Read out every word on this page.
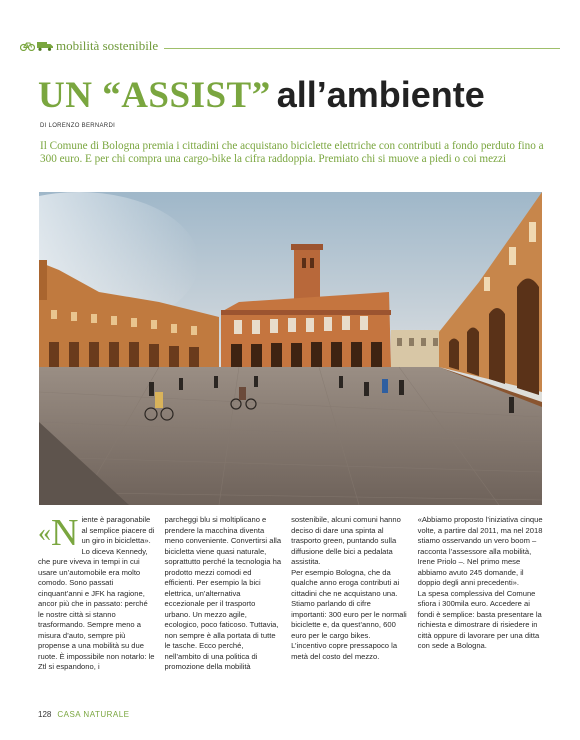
mobilità sostenibile
UN “ASSIST” all’ambiente
DI LORENZO BERNARDI

Il Comune di Bologna premia i cittadini che acquistano biciclette elettriche con contributi a fondo perduto fino a 300 euro. E per chi compra una cargo-bike la cifra raddoppia. Premiato chi si muove a piedi o coi mezzi

«N iente è paragonabile al semplice piacere di un giro in bicicletta». Lo diceva Kennedy, che pure viveva in tempi in cui usare un’automobile era molto comodo. Sono passati cinquant’anni e JFK ha ragione, ancor più che in passato: perché le nostre città si stanno trasformando. Sempre meno a misura d’auto, sempre più propense a una mobilità su due ruote. È impossibile non notarlo: le Ztl si espandono, i

parcheggi blu si moltiplicano e prendere la macchina diventa meno conveniente. Convertirsi alla bicicletta viene quasi naturale, soprattutto perché la tecnologia ha prodotto mezzi comodi ed efficienti. Per esempio la bici elettrica, un’alternativa eccezionale per il trasporto urbano. Un mezzo agile, ecologico, poco faticoso. Tuttavia, non sempre è alla portata di tutte le tasche. Ecco perché, nell’ambito di una politica di promozione della mobilità

sostenibile, alcuni comuni hanno deciso di dare una spinta al trasporto green, puntando sulla diffusione delle bici a pedalata assistita.

Per esempio Bologna, che da qualche anno eroga contributi ai cittadini che ne acquistano una. Stiamo parlando di cifre importanti: 300 euro per le normali biciclette e, da quest’anno, 600 euro per le cargo bikes. L’incentivo copre pressapoco la metà del costo del mezzo.

«Abbiamo proposto l’iniziativa cinque volte, a partire dal 2011, ma nel 2018 stiamo osservando un vero boom – racconta l’assessore alla mobilità, Irene Priolo –. Nel primo mese abbiamo avuto 245 domande, il doppio degli anni precedenti».

La spesa complessiva del Comune sfiora i 300mila euro. Accedere ai fondi è semplice: basta presentare la richiesta e dimostrare di risiedere in città oppure di lavorare per una ditta con sede a Bologna.

128 CASA NATURALE
